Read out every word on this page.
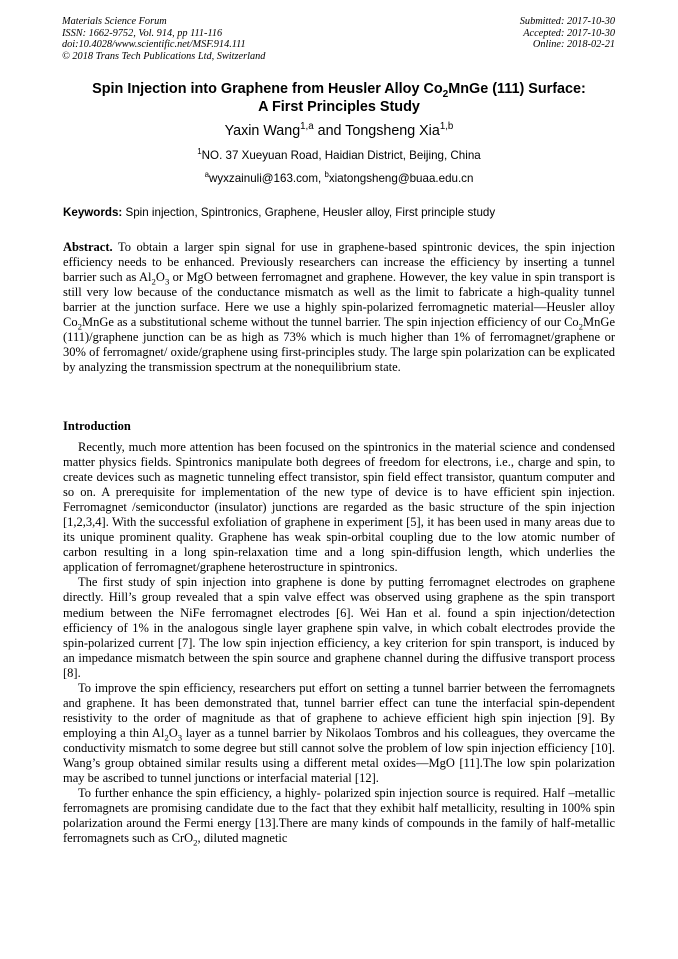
Materials Science Forum
ISSN: 1662-9752, Vol. 914, pp 111-116
doi:10.4028/www.scientific.net/MSF.914.111
© 2018 Trans Tech Publications Ltd, Switzerland
Submitted: 2017-10-30
Accepted: 2017-10-30
Online: 2018-02-21
Spin Injection into Graphene from Heusler Alloy $Co_2MnGe$ (111) Surface:
A First Principles Study
Yaxin Wang$^{1,a}$ and Tongsheng Xia$^{1,b}$
$^1$NO. 37 Xueyuan Road, Haidian District, Beijing, China
$^a$wyxzainuli@163.com, $^b$xiatongsheng@buaa.edu.cn
Keywords: Spin injection, Spintronics, Graphene, Heusler alloy, First principle study

Abstract. To obtain a larger spin signal for use in graphene-based spintronic devices, the spin injection efficiency needs to be enhanced. Previously researchers can increase the efficiency by inserting a tunnel barrier such as $Al_2O_3$ or MgO between ferromagnet and graphene. However, the key value in spin transport is still very low because of the conductance mismatch as well as the limit to fabricate a high-quality tunnel barrier at the junction surface. Here we use a highly spin-polarized ferromagnetic material—Heusler alloy $Co_2MnGe$ as a substitutional scheme without the tunnel barrier. The spin injection efficiency of our $Co_2MnGe$ (111)/graphene junction can be as high as 73% which is much higher than 1% of ferromagnet/graphene or 30% of ferromagnet/ oxide/graphene using first-principles study. The large spin polarization can be explicated by analyzing the transmission spectrum at the nonequilibrium state.

Introduction

Recently, much more attention has been focused on the spintronics in the material science and condensed matter physics fields. Spintronics manipulate both degrees of freedom for electrons, i.e., charge and spin, to create devices such as magnetic tunneling effect transistor, spin field effect transistor, quantum computer and so on. A prerequisite for implementation of the new type of device is to have efficient spin injection. Ferromagnet /semiconductor (insulator) junctions are regarded as the basic structure of the spin injection [1,2,3,4]. With the successful exfoliation of graphene in experiment [5], it has been used in many areas due to its unique prominent quality. Graphene has weak spin-orbital coupling due to the low atomic number of carbon resulting in a long spin-relaxation time and a long spin-diffusion length, which underlies the application of ferromagnet/graphene heterostructure in spintronics.

The first study of spin injection into graphene is done by putting ferromagnet electrodes on graphene directly. Hill’s group revealed that a spin valve effect was observed using graphene as the spin transport medium between the NiFe ferromagnet electrodes [6]. Wei Han et al. found a spin injection/detection efficiency of 1% in the analogous single layer graphene spin valve, in which cobalt electrodes provide the spin-polarized current [7]. The low spin injection efficiency, a key criterion for spin transport, is induced by an impedance mismatch between the spin source and graphene channel during the diffusive transport process [8].

To improve the spin efficiency, researchers put effort on setting a tunnel barrier between the ferromagnets and graphene. It has been demonstrated that, tunnel barrier effect can tune the interfacial spin-dependent resistivity to the order of magnitude as that of graphene to achieve efficient high spin injection [9]. By employing a thin $Al_2O_3$ layer as a tunnel barrier by Nikolaos Tombros and his colleagues, they overcame the conductivity mismatch to some degree but still cannot solve the problem of low spin injection efficiency [10]. Wang’s group obtained similar results using a different metal oxides—MgO [11].The low spin polarization may be ascribed to tunnel junctions or interfacial material [12].

To further enhance the spin efficiency, a highly- polarized spin injection source is required. Half –metallic ferromagnets are promising candidate due to the fact that they exhibit half metallicity, resulting in 100% spin polarization around the Fermi energy [13].There are many kinds of compounds in the family of half-metallic ferromagnets such as CrO$_2$, diluted magnetic
